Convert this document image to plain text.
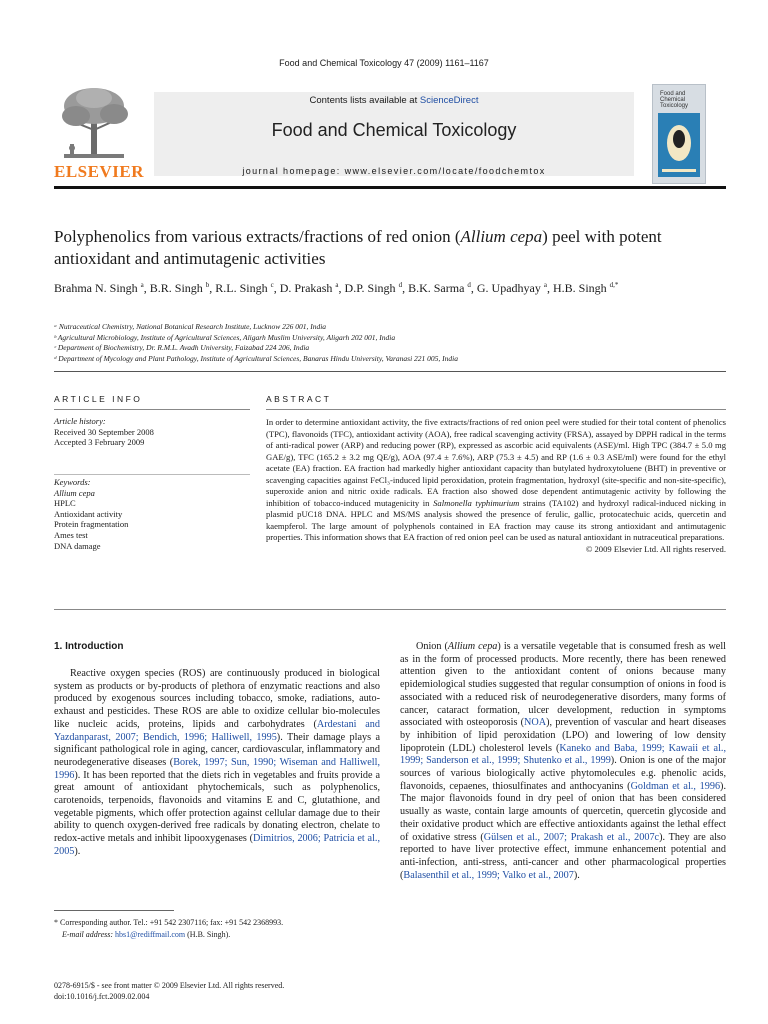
Food and Chemical Toxicology 47 (2009) 1161–1167
ELSEVIER
Contents lists available at ScienceDirect
Food and Chemical Toxicology
journal homepage: www.elsevier.com/locate/foodchemtox
Food and
Chemical
Toxicology
Polyphenolics from various extracts/fractions of red onion (Allium cepa) peel with potent antioxidant and antimutagenic activities
Brahma N. Singh $^a$, B.R. Singh $^b$, R.L. Singh $^c$, D. Prakash $^a$, D.P. Singh $^d$, B.K. Sarma $^d$, G. Upadhyay $^a$, H.B. Singh $^{d,*}$
ᵃ Nutraceutical Chemistry, National Botanical Research Institute, Lucknow 226 001, India
ᵇ Agricultural Microbiology, Institute of Agricultural Sciences, Aligarh Muslim University, Aligarh 202 001, India
ᶜ Department of Biochemistry, Dr. R.M.L. Avadh University, Faizabad 224 206, India
ᵈ Department of Mycology and Plant Pathology, Institute of Agricultural Sciences, Banaras Hindu University, Varanasi 221 005, India
ARTICLE INFO	ABSTRACT
Article history:
Received 30 September 2008
Accepted 3 February 2009
Keywords:
Allium cepa
HPLC
Antioxidant activity
Protein fragmentation
Ames test
DNA damage
In order to determine antioxidant activity, the five extracts/fractions of red onion peel were studied for their total content of phenolics (TPC), flavonoids (TFC), antioxidant activity (AOA), free radical scavenging activity (FRSA), assayed by DPPH radical in the terms of anti-radical power (ARP) and reducing power (RP), expressed as ascorbic acid equivalents (ASE)/ml. High TPC (384.7 ± 5.0 mg GAE/g), TFC (165.2 ± 3.2 mg QE/g), AOA (97.4 ± 7.6%), ARP (75.3 ± 4.5) and RP (1.6 ± 0.3 ASE/ml) were found for the ethyl acetate (EA) fraction. EA fraction had markedly higher antioxidant capacity than butylated hydroxytoluene (BHT) in preventive or scavenging capacities against FeCl₃-induced lipid peroxidation, protein fragmentation, hydroxyl (site-specific and non-site-specific), superoxide anion and nitric oxide radicals. EA fraction also showed dose dependent antimutagenic activity by following the inhibition of tobacco-induced mutagenicity in Salmonella typhimurium strains (TA102) and hydroxyl radical-induced nicking in plasmid pUC18 DNA. HPLC and MS/MS analysis showed the presence of ferulic, gallic, protocatechuic acids, quercetin and kaempferol. The large amount of polyphenols contained in EA fraction may cause its strong antioxidant and antimutagenic properties. This information shows that EA fraction of red onion peel can be used as natural antioxidant in nutraceutical preparations.
© 2009 Elsevier Ltd. All rights reserved.
1. Introduction
Reactive oxygen species (ROS) are continuously produced in biological system as products or by-products of plethora of enzymatic reactions and also produced by exogenous sources including tobacco, smoke, radiations, auto-exhaust and pesticides. These ROS are able to oxidize cellular bio-molecules like nucleic acids, proteins, lipids and carbohydrates (Ardestani and Yazdanparast, 2007; Bendich, 1996; Halliwell, 1995). Their damage plays a significant pathological role in aging, cancer, cardiovascular, inflammatory and neurodegenerative diseases (Borek, 1997; Sun, 1990; Wiseman and Halliwell, 1996). It has been reported that the diets rich in vegetables and fruits provide a great amount of antioxidant phytochemicals, such as polyphenolics, carotenoids, terpenoids, flavonoids and vitamins E and C, glutathione, and vegetable pigments, which offer protection against cellular damage due to their ability to quench oxygen-derived free radicals by donating electron, chelate to redox-active metals and inhibit lipooxygenases (Dimitrios, 2006; Patricia et al., 2005).
Onion (Allium cepa) is a versatile vegetable that is consumed fresh as well as in the form of processed products. More recently, there has been renewed attention given to the antioxidant content of onions because many epidemiological studies suggested that regular consumption of onions in food is associated with a reduced risk of neurodegenerative disorders, many forms of cancer, cataract formation, ulcer development, reduction in symptoms associated with osteoporosis (NOA), prevention of vascular and heart diseases by inhibition of lipid peroxidation (LPO) and lowering of low density lipoprotein (LDL) cholesterol levels (Kaneko and Baba, 1999; Kawaii et al., 1999; Sanderson et al., 1999; Shutenko et al., 1999). Onion is one of the major sources of various biologically active phytomolecules e.g. phenolic acids, flavonoids, cepaenes, thiosulfinates and anthocyanins (Goldman et al., 1996). The major flavonoids found in dry peel of onion that has been considered usually as waste, contain large amounts of quercetin, quercetin glycoside and their oxidative product which are effective antioxidants against the lethal effect of oxidative stress (Gülsen et al., 2007; Prakash et al., 2007c). They are also reported to have liver protective effect, immune enhancement potential and anti-infection, anti-stress, anti-cancer and other pharmacological properties (Balasenthil et al., 1999; Valko et al., 2007).
* Corresponding author. Tel.: +91 542 2307116; fax: +91 542 2368993.
E-mail address: hbs1@rediffmail.com (H.B. Singh).
0278-6915/$ - see front matter © 2009 Elsevier Ltd. All rights reserved.
doi:10.1016/j.fct.2009.02.004
